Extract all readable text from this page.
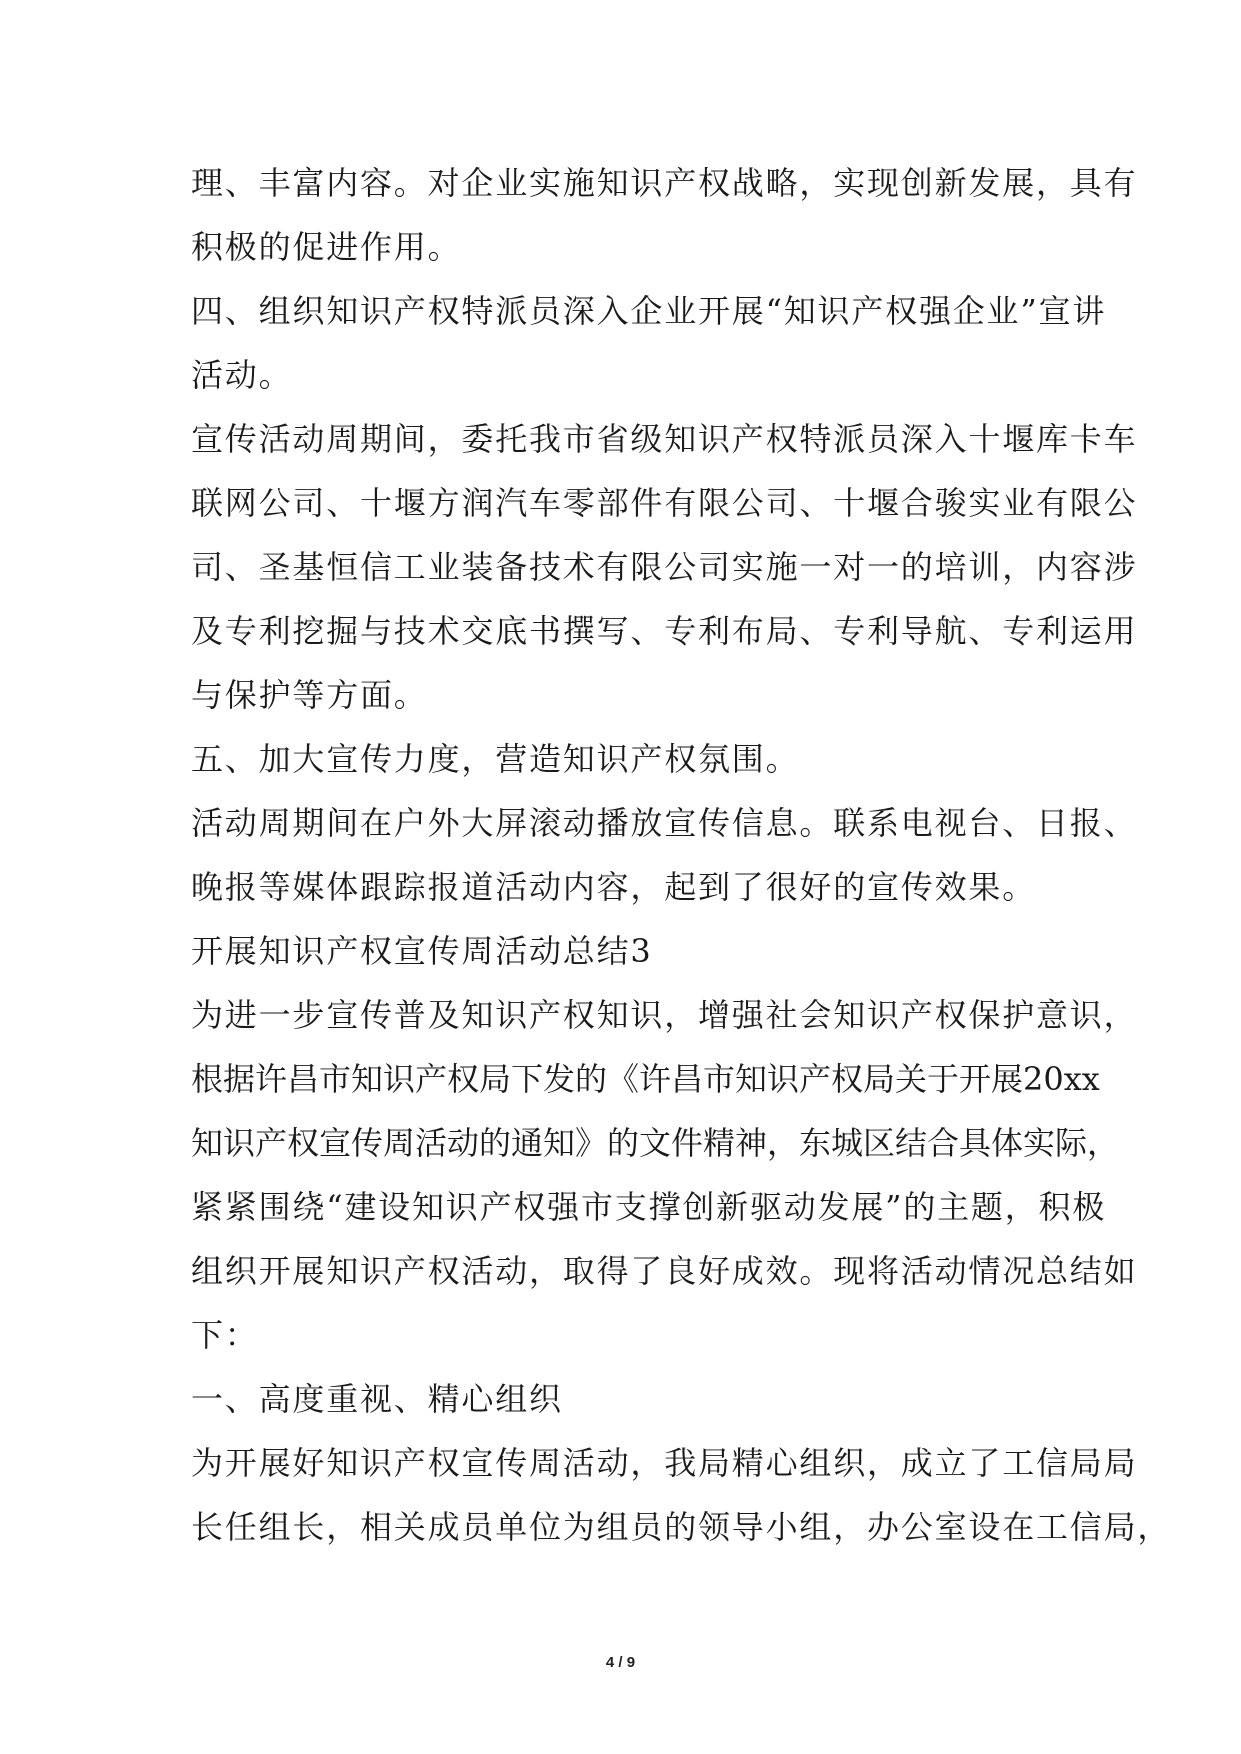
理、丰富内容。对企业实施知识产权战略，实现创新发展，具有
积极的促进作用。
四、组织知识产权特派员深入企业开展“知识产权强企业”宣讲
活动。
宣传活动周期间，委托我市省级知识产权特派员深入十堰库卡车
联网公司、十堰方润汽车零部件有限公司、十堰合骏实业有限公
司、圣基恒信工业装备技术有限公司实施一对一的培训，内容涉
及专利挖掘与技术交底书撰写、专利布局、专利导航、专利运用
与保护等方面。
五、加大宣传力度，营造知识产权氛围。
活动周期间在户外大屏滚动播放宣传信息。联系电视台、日报、
晚报等媒体跟踪报道活动内容，起到了很好的宣传效果。
开展知识产权宣传周活动总结3
为进一步宣传普及知识产权知识，增强社会知识产权保护意识，
根据许昌市知识产权局下发的《许昌市知识产权局关于开展20xx
知识产权宣传周活动的通知》的文件精神，东城区结合具体实际，
紧紧围绕“建设知识产权强市支撑创新驱动发展”的主题，积极
组织开展知识产权活动，取得了良好成效。现将活动情况总结如
下：
一、高度重视、精心组织
为开展好知识产权宣传周活动，我局精心组织，成立了工信局局
长任组长，相关成员单位为组员的领导小组，办公室设在工信局，
4 / 9
